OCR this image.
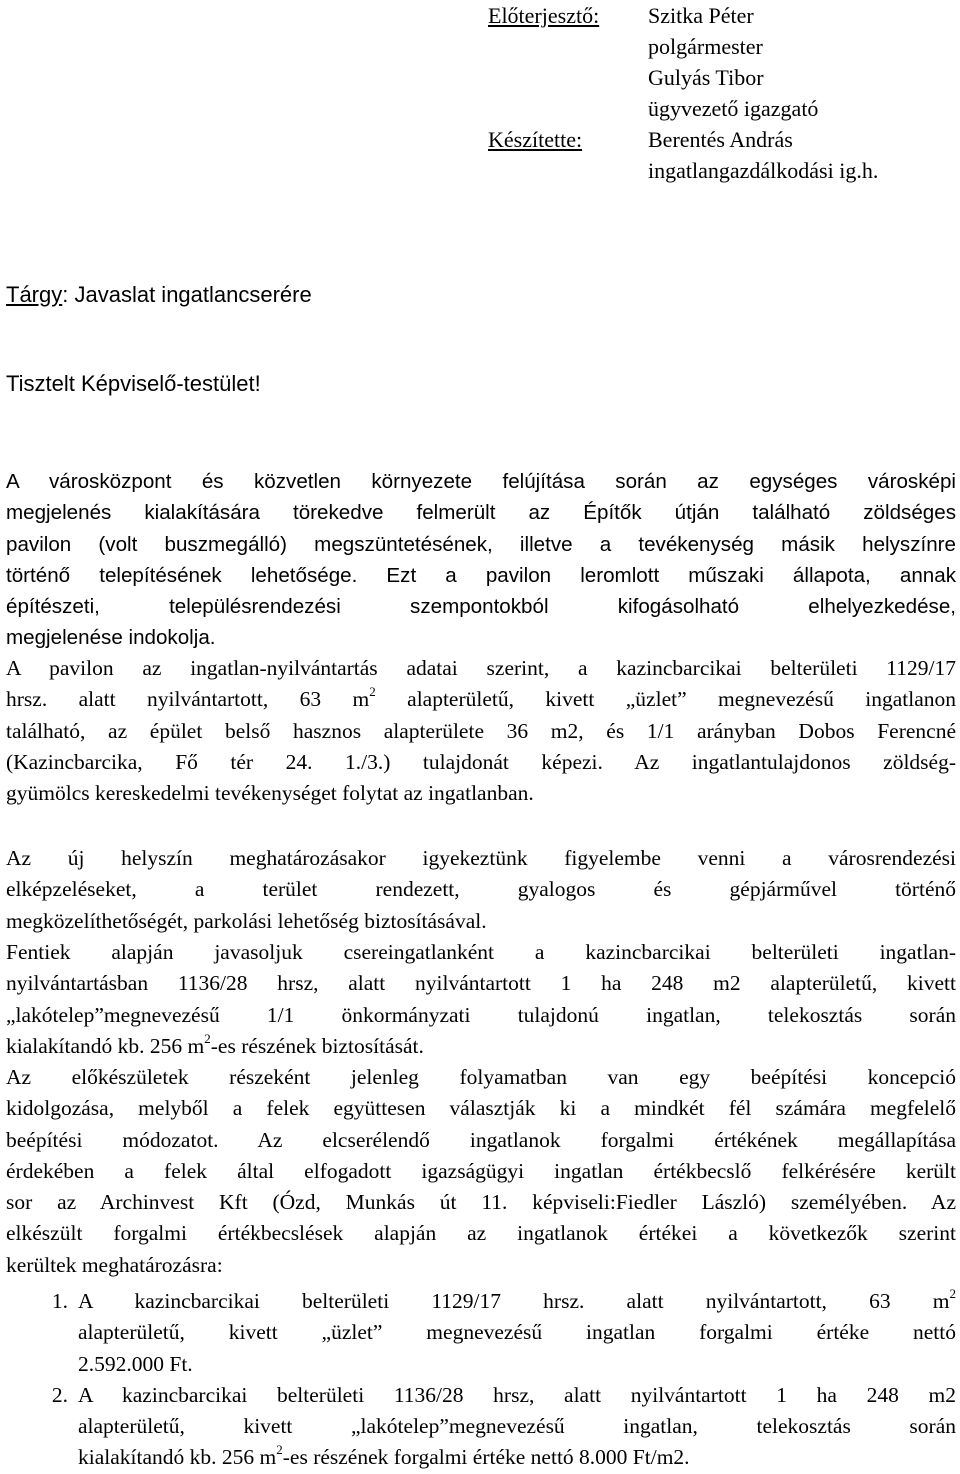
Előterjesztő:	Szitka Péter
polgármester
Gulyás Tibor
ügyvezető igazgató
Készítette:	Berentés András
ingatlangazdálkodási ig.h.
Tárgy: Javaslat ingatlancserére
Tisztelt Képviselő-testület!
A városközpont és közvetlen környezete felújítása során az egységes városképi
megjelenés kialakítására törekedve felmerült az Építők útján található zöldséges
pavilon (volt buszmegálló) megszüntetésének, illetve a tevékenység másik helyszínre
történő telepítésének lehetősége. Ezt a pavilon leromlott műszaki állapota, annak
építészeti, településrendezési szempontokból kifogásolható elhelyezkedése,
megjelenése indokolja.
A pavilon az ingatlan-nyilvántartás adatai szerint, a kazincbarcikai belterületi 1129/17
hrsz. alatt nyilvántartott, 63 $m^2$ alapterületű, kivett „üzlet” megnevezésű ingatlanon
található, az épület belső hasznos alapterülete 36 m2, és 1/1 arányban Dobos Ferencné
(Kazincbarcika, Fő tér 24. 1./3.) tulajdonát képezi. Az ingatlantulajdonos zöldség-
gyümölcs kereskedelmi tevékenységet folytat az ingatlanban.
Az új helyszín meghatározásakor igyekeztünk figyelembe venni a városrendezési
elképzeléseket, a terület rendezett, gyalogos és gépjárművel történő
megközelíthetőségét, parkolási lehetőség biztosításával.
Fentiek alapján javasoljuk csereingatlanként a kazincbarcikai belterületi ingatlan-
nyilvántartásban 1136/28 hrsz, alatt nyilvántartott 1 ha 248 m2 alapterületű, kivett
„lakótelep”megnevezésű 1/1 önkormányzati tulajdonú ingatlan, telekosztás során
kialakítandó kb. 256 $m^2-es$ részének biztosítását.
Az előkészületek részeként jelenleg folyamatban van egy beépítési koncepció
kidolgozása, melyből a felek együttesen választják ki a mindkét fél számára megfelelő
beépítési módozatot. Az elcserélendő ingatlanok forgalmi értékének megállapítása
érdekében a felek által elfogadott igazságügyi ingatlan értékbecslő felkérésére került
sor az Archinvest Kft (Ózd, Munkás út 11. képviseli:Fiedler László) személyében. Az
elkészült forgalmi értékbecslések alapján az ingatlanok értékei a következők szerint
kerültek meghatározásra:
1. A kazincbarcikai belterületi 1129/17 hrsz. alatt nyilvántartott, 63 $m^2$
alapterületű, kivett „üzlet” megnevezésű ingatlan forgalmi értéke nettó
2.592.000 Ft.
2. A kazincbarcikai belterületi 1136/28 hrsz, alatt nyilvántartott 1 ha 248 m2
alapterületű, kivett „lakótelep”megnevezésű ingatlan, telekosztás során
kialakítandó kb. 256 $m^2-es$ részének forgalmi értéke nettó 8.000 Ft/m2.
